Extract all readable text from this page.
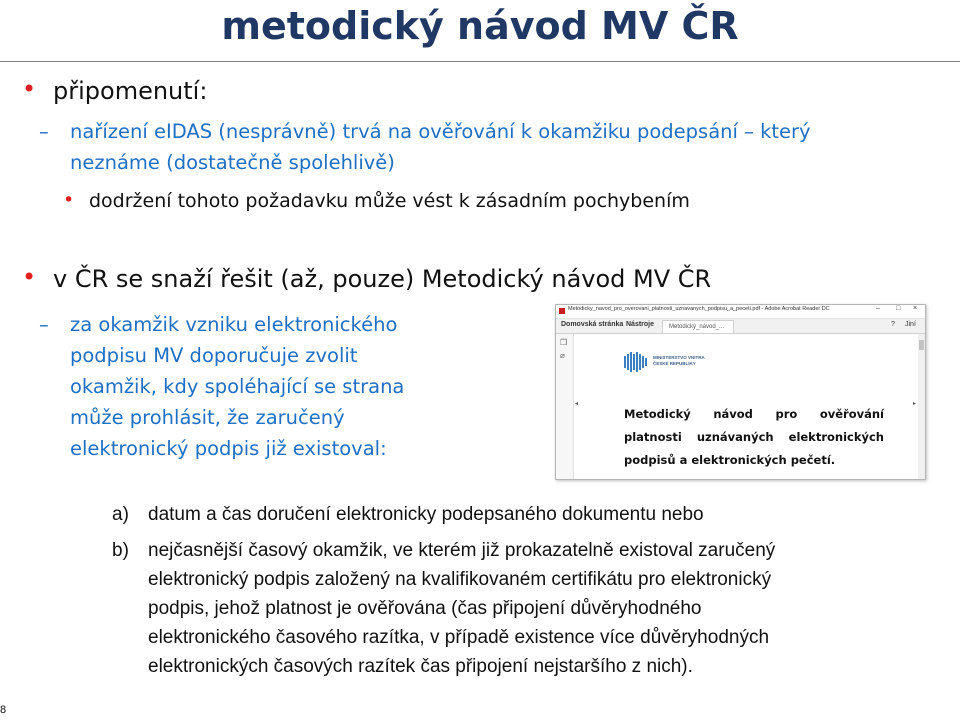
metodický návod MV ČR
• připomenutí:
– nařízení eIDAS (nesprávně) trvá na ověřování k okamžiku podepsání – který
neznáme (dostatečně spolehlivě)
• dodržení tohoto požadavku může vést k zásadním pochybením
• v ČR se snaží řešit (až, pouze) Metodický návod MV ČR
– za okamžik vzniku elektronického
podpisu MV doporučuje zvolit
okamžik, kdy spoléhající se strana
může prohlásit, že zaručený
elektronický podpis již existoval:
Metodicky_navod_pro_overovani_platnosti_uznavanych_podpisu_a_peceti.pdf - Adobe Acrobat Reader DC	– □ ×
Domovská stránka Nástroje	Metodický_návod_...	? Jiní
❐
⌀
◂	▸
MINISTERSTVO VNITRA
ČESKÉ REPUBLIKY
Metodický návod pro ověřování
platnosti uznávaných elektronických
podpisů a elektronických pečetí.
a) datum a čas doručení elektronicky podepsaného dokumentu nebo
b) nejčasnější časový okamžik, ve kterém již prokazatelně existoval zaručený
elektronický podpis založený na kvalifikovaném certifikátu pro elektronický
podpis, jehož platnost je ověřována (čas připojení důvěryhodného
elektronického časového razítka, v případě existence více důvěryhodných
elektronických časových razítek čas připojení nejstaršího z nich).
8
